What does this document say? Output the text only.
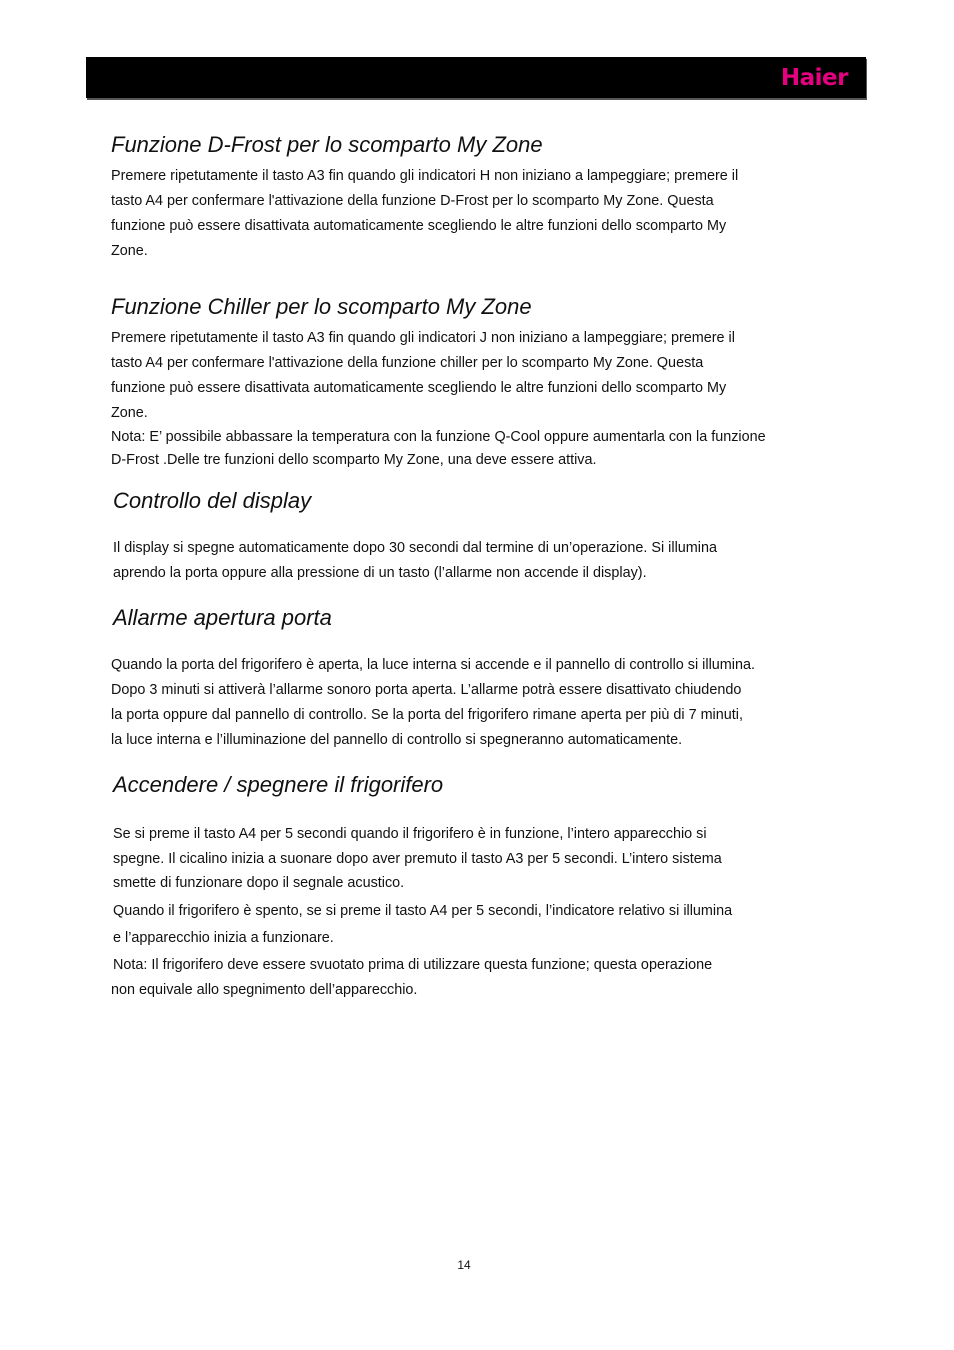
Haier
Funzione D-Frost per lo scomparto My Zone

Premere ripetutamente il tasto A3 fin quando gli indicatori H non iniziano a lampeggiare; premere il
tasto A4 per confermare l'attivazione della funzione D-Frost per lo scomparto My Zone. Questa
funzione può essere disattivata automaticamente scegliendo le altre funzioni dello scomparto My
Zone.

Funzione Chiller per lo scomparto My Zone

Premere ripetutamente il tasto A3 fin quando gli indicatori J non iniziano a lampeggiare; premere il
tasto A4 per confermare l'attivazione della funzione chiller per lo scomparto My Zone. Questa
funzione può essere disattivata automaticamente scegliendo le altre funzioni dello scomparto My
Zone.

Nota: E’ possibile abbassare la temperatura con la funzione Q-Cool oppure aumentarla con la funzione
D-Frost .Delle tre funzioni dello scomparto My Zone, una deve essere attiva.

Controllo del display

Il display si spegne automaticamente dopo 30 secondi dal termine di un’operazione. Si illumina
aprendo la porta oppure alla pressione di un tasto (l’allarme non accende il display).

Allarme apertura porta

Quando la porta del frigorifero è aperta, la luce interna si accende e il pannello di controllo si illumina.
Dopo 3 minuti si attiverà l’allarme sonoro porta aperta. L’allarme potrà essere disattivato chiudendo
la porta oppure dal pannello di controllo. Se la porta del frigorifero rimane aperta per più di 7 minuti,
la luce interna e l’illuminazione del pannello di controllo si spegneranno automaticamente.

Accendere / spegnere il frigorifero

Se si preme il tasto A4 per 5 secondi quando il frigorifero è in funzione, l’intero apparecchio si
spegne. Il cicalino inizia a suonare dopo aver premuto il tasto A3 per 5 secondi. L’intero sistema
smette di funzionare dopo il segnale acustico.

Quando il frigorifero è spento, se si preme il tasto A4 per 5 secondi, l’indicatore relativo si illumina
e l’apparecchio inizia a funzionare.

Nota: Il frigorifero deve essere svuotato prima di utilizzare questa funzione; questa operazione
non equivale allo spegnimento dell’apparecchio.

14
